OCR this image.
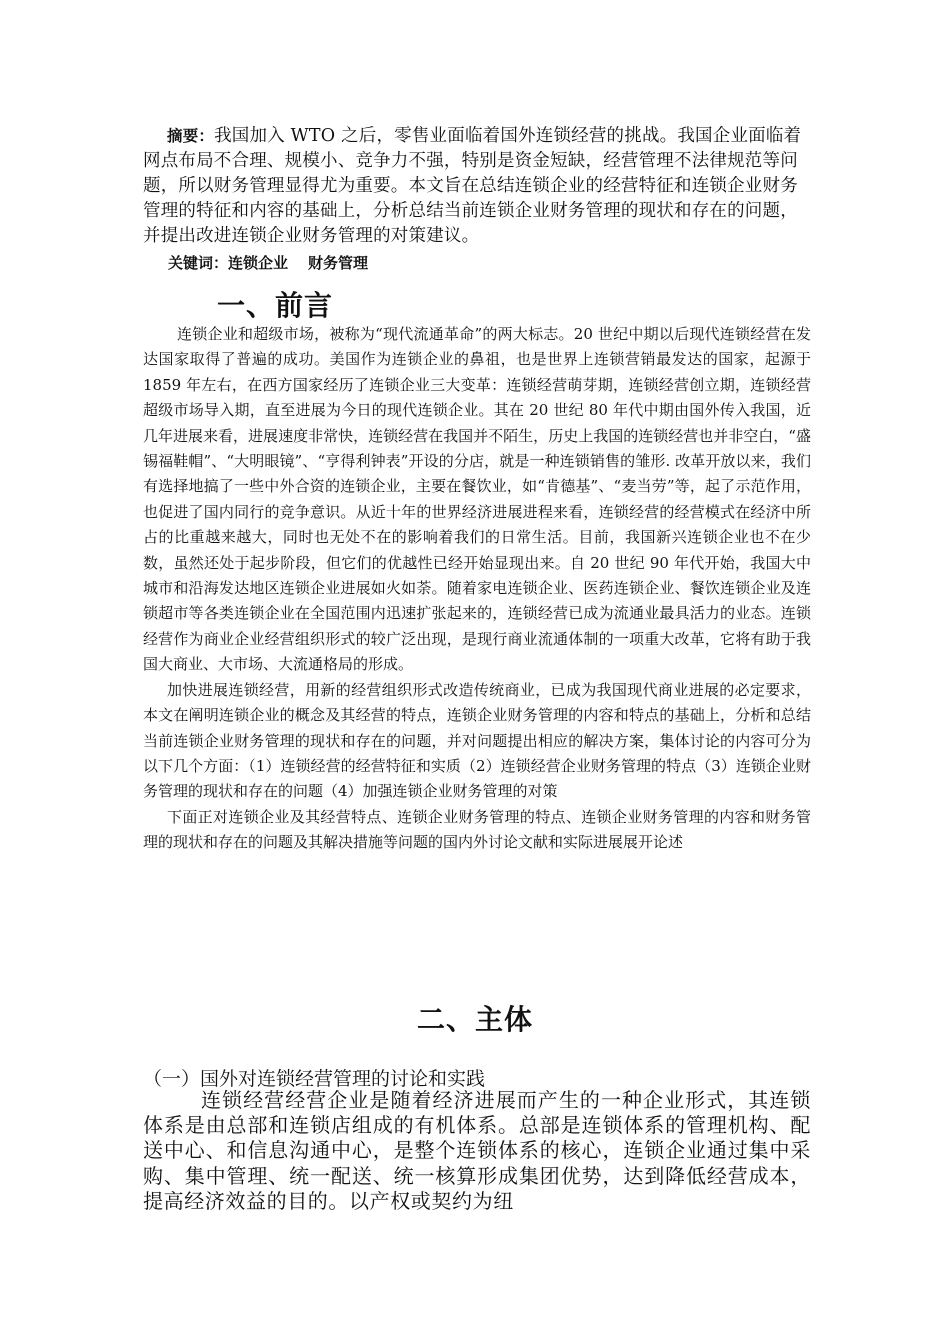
摘要：我国加入 WTO 之后，零售业面临着国外连锁经营的挑战。我国企业面临着网点布局不合理、规模小、竞争力不强，特别是资金短缺，经营管理不法律规范等问题，所以财务管理显得尤为重要。本文旨在总结连锁企业的经营特征和连锁企业财务管理的特征和内容的基础上，分析总结当前连锁企业财务管理的现状和存在的问题，并提出改进连锁企业财务管理的对策建议。
关键词：连锁企业 财务管理
一、前言

连锁企业和超级市场，被称为“现代流通革命”的两大标志。20 世纪中期以后现代连锁经营在发达国家取得了普遍的成功。美国作为连锁企业的鼻祖，也是世界上连锁营销最发达的国家，起源于 1859 年左右，在西方国家经历了连锁企业三大变革：连锁经营萌芽期，连锁经营创立期，连锁经营超级市场导入期，直至进展为今日的现代连锁企业。其在 20 世纪 80 年代中期由国外传入我国，近几年进展来看，进展速度非常快，连锁经营在我国并不陌生，历史上我国的连锁经营也并非空白，“盛锡福鞋帽”、“大明眼镜”、“亨得利钟表”开设的分店，就是一种连锁销售的雏形. 改革开放以来，我们有选择地搞了一些中外合资的连锁企业，主要在餐饮业，如“肯德基”、“麦当劳”等，起了示范作用，也促进了国内同行的竞争意识。从近十年的世界经济进展进程来看，连锁经营的经营模式在经济中所占的比重越来越大，同时也无处不在的影响着我们的日常生活。目前，我国新兴连锁企业也不在少数，虽然还处于起步阶段，但它们的优越性已经开始显现出来。自 20 世纪 90 年代开始，我国大中城市和沿海发达地区连锁企业进展如火如荼。随着家电连锁企业、医药连锁企业、餐饮连锁企业及连锁超市等各类连锁企业在全国范围内迅速扩张起来的，连锁经营已成为流通业最具活力的业态。连锁经营作为商业企业经营组织形式的较广泛出现，是现行商业流通体制的一项重大改革，它将有助于我国大商业、大市场、大流通格局的形成。

加快进展连锁经营，用新的经营组织形式改造传统商业，已成为我国现代商业进展的必定要求，本文在阐明连锁企业的概念及其经营的特点，连锁企业财务管理的内容和特点的基础上，分析和总结当前连锁企业财务管理的现状和存在的问题，并对问题提出相应的解决方案，集体讨论的内容可分为以下几个方面：（1）连锁经营的经营特征和实质（2）连锁经营企业财务管理的特点（3）连锁企业财务管理的现状和存在的问题（4）加强连锁企业财务管理的对策

下面正对连锁企业及其经营特点、连锁企业财务管理的特点、连锁企业财务管理的内容和财务管理的现状和存在的问题及其解决措施等问题的国内外讨论文献和实际进展展开论述

二、主体
（一）国外对连锁经营管理的讨论和实践

连锁经营经营企业是随着经济进展而产生的一种企业形式，其连锁体系是由总部和连锁店组成的有机体系。总部是连锁体系的管理机构、配送中心、和信息沟通中心，是整个连锁体系的核心，连锁企业通过集中采购、集中管理、统一配送、统一核算形成集团优势，达到降低经营成本，提高经济效益的目的。以产权或契约为纽
